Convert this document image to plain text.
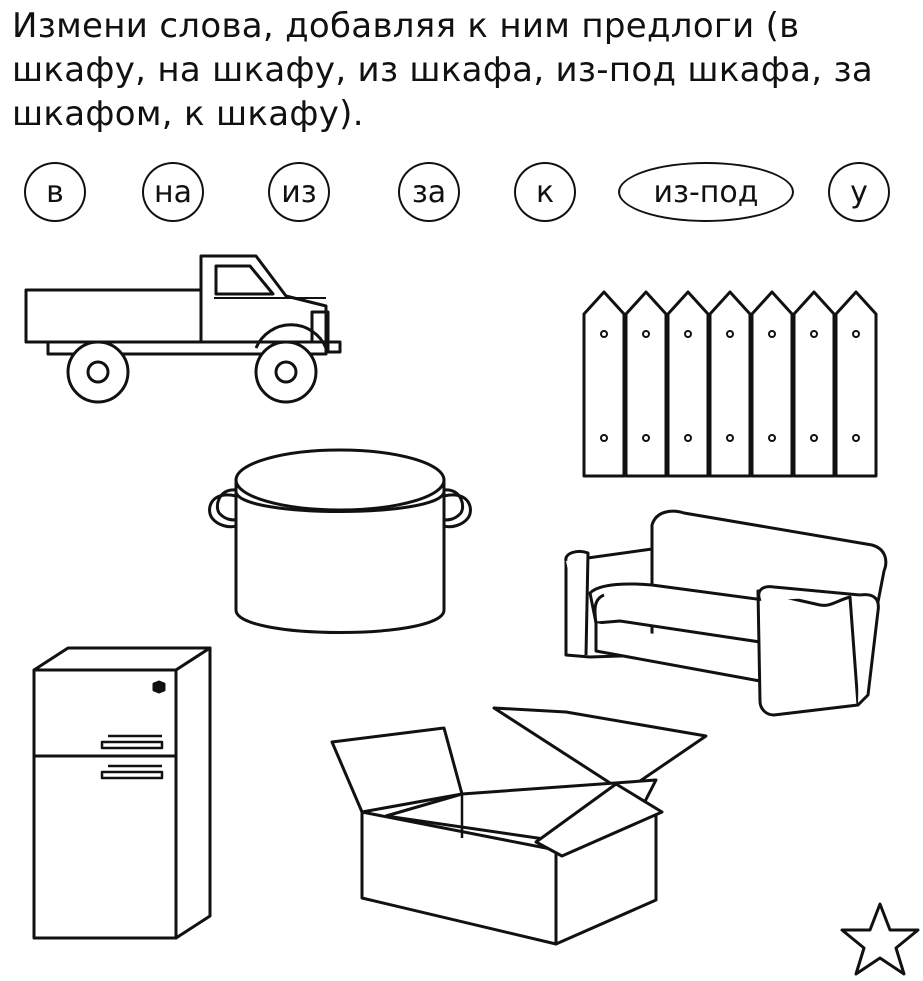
Измени слова, добавляя к ним предлоги (в шкафу, на шкафу, из шкафа, из-под шкафа, за шкафом, к шкафу).
в	на	из	за	к	из-под	у
